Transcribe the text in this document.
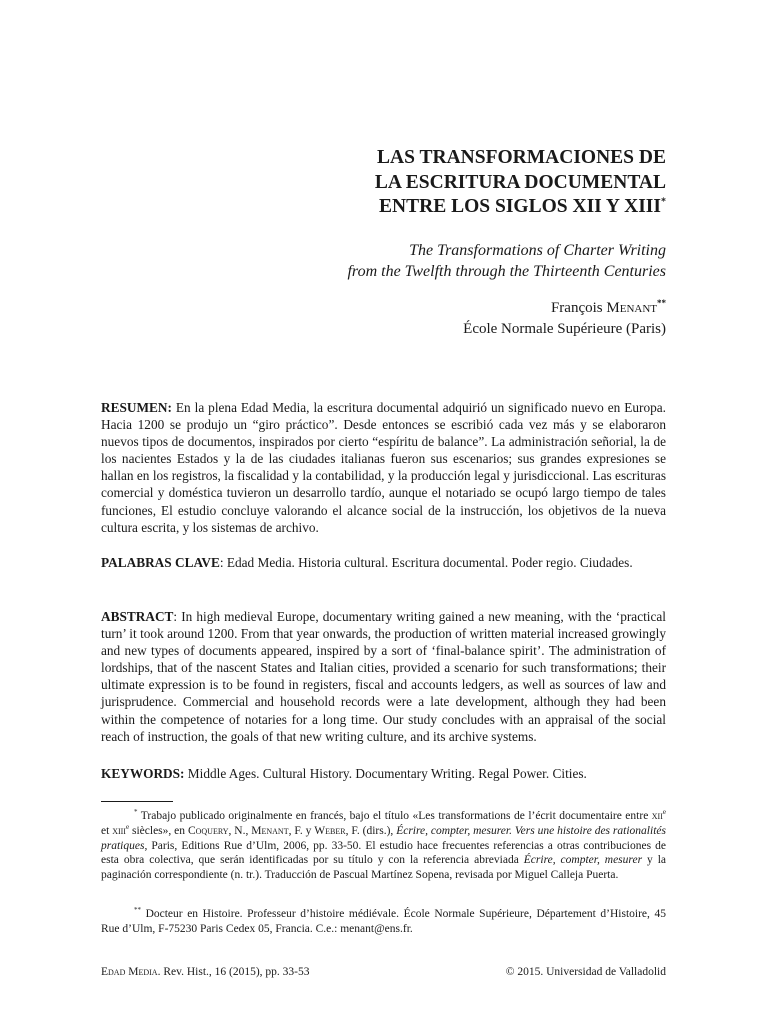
LAS TRANSFORMACIONES DE
LA ESCRITURA DOCUMENTAL
ENTRE LOS SIGLOS XII Y XIII*
The Transformations of Charter Writing
from the Twelfth through the Thirteenth Centuries
François Menant**
École Normale Supérieure (Paris)
RESUMEN: En la plena Edad Media, la escritura documental adquirió un significado nuevo en Europa. Hacia 1200 se produjo un “giro práctico”. Desde entonces se escribió cada vez más y se elaboraron nuevos tipos de documentos, inspirados por cierto “espíritu de balance”. La administración señorial, la de los nacientes Estados y la de las ciudades italianas fueron sus escenarios; sus grandes expresiones se hallan en los registros, la fiscalidad y la contabilidad, y la producción legal y jurisdiccional. Las escrituras comercial y doméstica tuvieron un desarrollo tardío, aunque el notariado se ocupó largo tiempo de tales funciones, El estudio concluye valorando el alcance social de la instrucción, los objetivos de la nueva cultura escrita, y los sistemas de archivo.
PALABRAS CLAVE: Edad Media. Historia cultural. Escritura documental. Poder regio. Ciudades.
ABSTRACT: In high medieval Europe, documentary writing gained a new meaning, with the ‘practical turn’ it took around 1200. From that year onwards, the production of written material increased growingly and new types of documents appeared, inspired by a sort of ‘final-balance spirit’. The administration of lordships, that of the nascent States and Italian cities, provided a scenario for such transformations; their ultimate expression is to be found in registers, fiscal and accounts ledgers, as well as sources of law and jurisprudence. Commercial and household records were a late development, although they had been within the competence of notaries for a long time. Our study concludes with an appraisal of the social reach of instruction, the goals of that new writing culture, and its archive systems.
KEYWORDS: Middle Ages. Cultural History. Documentary Writing. Regal Power. Cities.
* Trabajo publicado originalmente en francés, bajo el título «Les transformations de l’écrit documentaire entre xii$^e$ et xiii$^e$ siècles», en Coquery, N., Menant, F. y Weber, F. (dirs.), Écrire, compter, mesurer. Vers une histoire des rationalités pratiques, Paris, Editions Rue d’Ulm, 2006, pp. 33-50. El estudio hace frecuentes referencias a otras contribuciones de esta obra colectiva, que serán identificadas por su título y con la referencia abreviada Écrire, compter, mesurer y la paginación correspondiente (n. tr.). Traducción de Pascual Martínez Sopena, revisada por Miguel Calleja Puerta.
** Docteur en Histoire. Professeur d’histoire médiévale. École Normale Supérieure, Département d’Histoire, 45 Rue d’Ulm, F-75230 Paris Cedex 05, Francia. C.e.: menant@ens.fr.
Edad Media. Rev. Hist., 16 (2015), pp. 33-53	© 2015. Universidad de Valladolid
